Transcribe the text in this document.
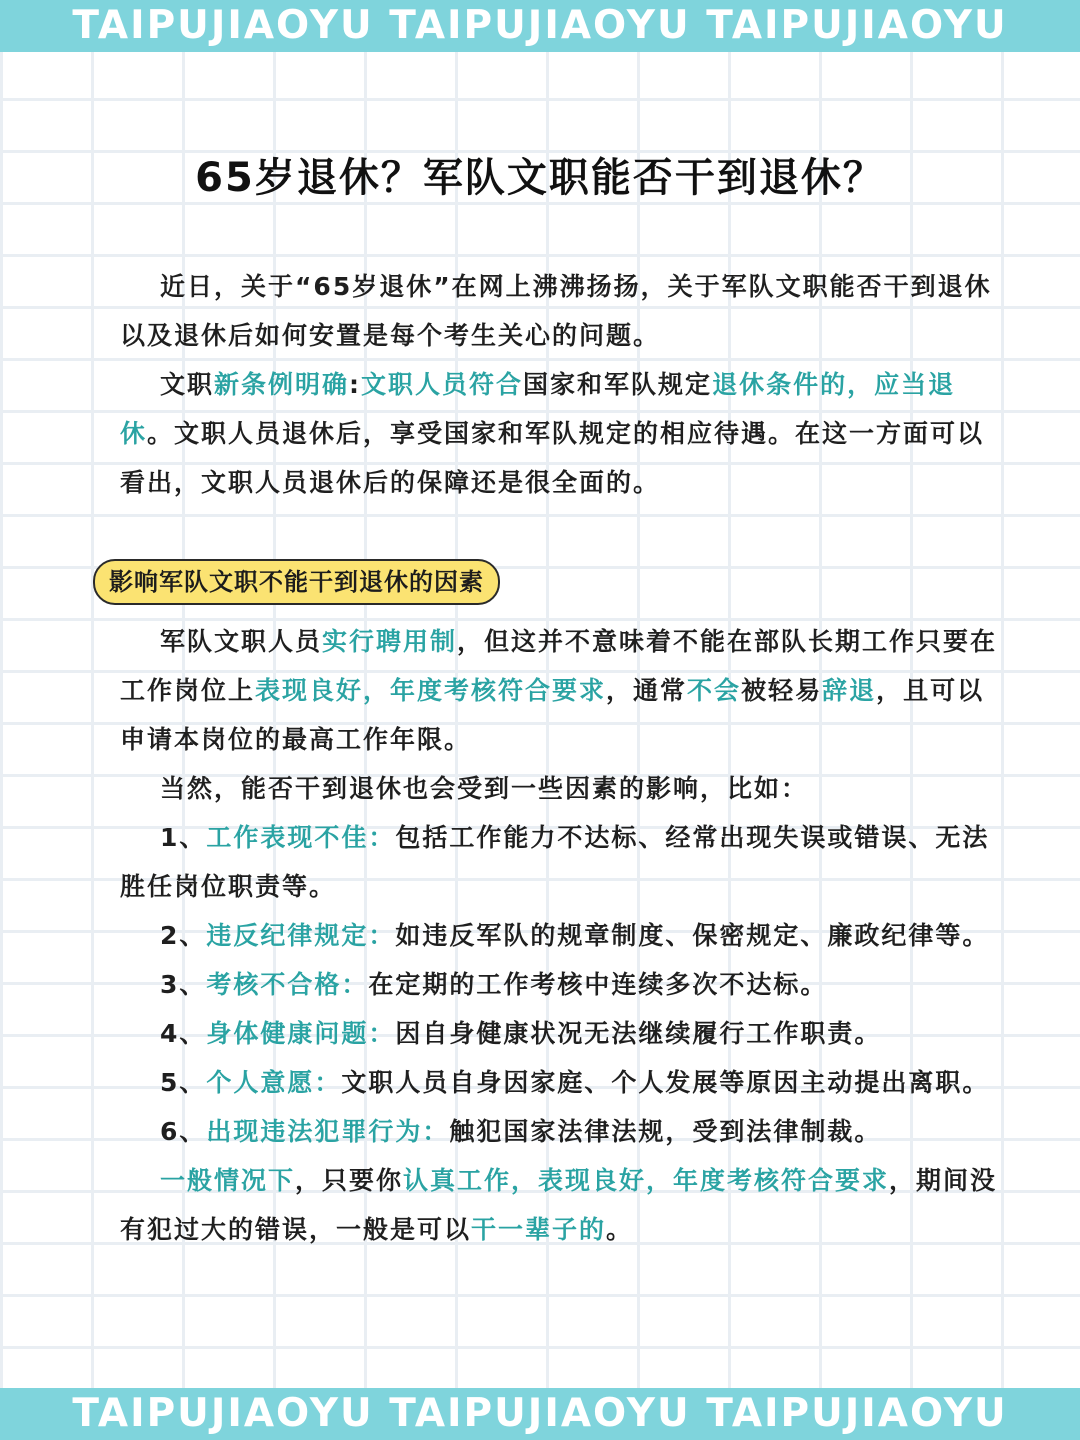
TAIPUJIAOYU TAIPUJIAOYU TAIPUJIAOYU
65岁退休？军队文职能否干到退休？

近日，关于“65岁退休”在网上沸沸扬扬，关于军队文职能否干到退休以及退休后如何安置是每个考生关心的问题。

文职新条例明确:文职人员符合国家和军队规定退休条件的，应当退休。文职人员退休后，享受国家和军队规定的相应待遇。在这一方面可以看出，文职人员退休后的保障还是很全面的。

影响军队文职不能干到退休的因素

军队文职人员实行聘用制，但这并不意味着不能在部队长期工作只要在工作岗位上表现良好，年度考核符合要求，通常不会被轻易辞退，且可以申请本岗位的最高工作年限。

当然，能否干到退休也会受到一些因素的影响，比如：

1、工作表现不佳：包括工作能力不达标、经常出现失误或错误、无法胜任岗位职责等。

2、违反纪律规定：如违反军队的规章制度、保密规定、廉政纪律等。

3、考核不合格：在定期的工作考核中连续多次不达标。

4、身体健康问题：因自身健康状况无法继续履行工作职责。

5、个人意愿：文职人员自身因家庭、个人发展等原因主动提出离职。

6、出现违法犯罪行为：触犯国家法律法规，受到法律制裁。

一般情况下，只要你认真工作，表现良好，年度考核符合要求，期间没有犯过大的错误，一般是可以干一辈子的。

TAIPUJIAOYU TAIPUJIAOYU TAIPUJIAOYU
